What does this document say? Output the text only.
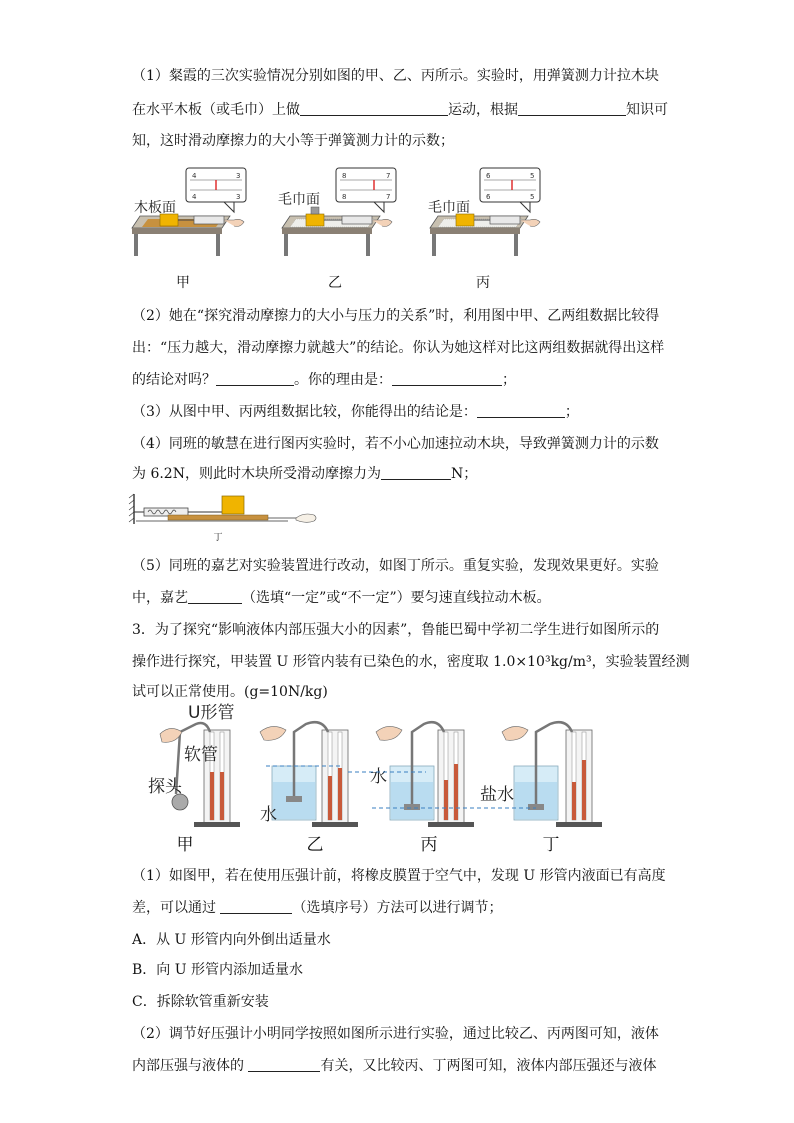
（1）粲霞的三次实验情况分别如图的甲、乙、丙所示。实验时，用弹簧测力计拉木块
在水平木板（或毛巾）上做	运动，根据	知识可
知，这时滑动摩擦力的大小等于弹簧测力计的示数；
4	3
4	3
木板面
8	7
8	7
毛巾面
6	5
6	5
毛巾面
甲	乙	丙
（2）她在“探究滑动摩擦力的大小与压力的关系”时，利用图中甲、乙两组数据比较得
出：“压力越大，滑动摩擦力就越大”的结论。你认为她这样对比这两组数据就得出这样
的结论对吗？	。你的理由是：	；
（3）从图中甲、丙两组数据比较，你能得出的结论是：	；
（4）同班的敏慧在进行图丙实验时，若不小心加速拉动木块，导致弹簧测力计的示数
为 6.2N，则此时木块所受滑动摩擦力为	N；
丁
（5）同班的嘉艺对实验装置进行改动，如图丁所示。重复实验，发现效果更好。实验
中，嘉艺	（选填“一定”或“不一定”）要匀速直线拉动木板。
3．为了探究“影响液体内部压强大小的因素”，鲁能巴蜀中学初二学生进行如图所示的
操作进行探究，甲装置 U 形管内装有已染色的水，密度取 1.0×10³kg/m³，实验装置经测
试可以正常使用。(g=10N/kg)
U形管
软管
探头
水
水
盐水
甲	乙	丙	丁
（1）如图甲，若在使用压强计前，将橡皮膜置于空气中，发现 U 形管内液面已有高度
差，可以通过	（选填序号）方法可以进行调节；
A．从 U 形管内向外倒出适量水
B．向 U 形管内添加适量水
C．拆除软管重新安装
（2）调节好压强计小明同学按照如图所示进行实验，通过比较乙、丙两图可知，液体
内部压强与液体的	有关，又比较丙、丁两图可知，液体内部压强还与液体
